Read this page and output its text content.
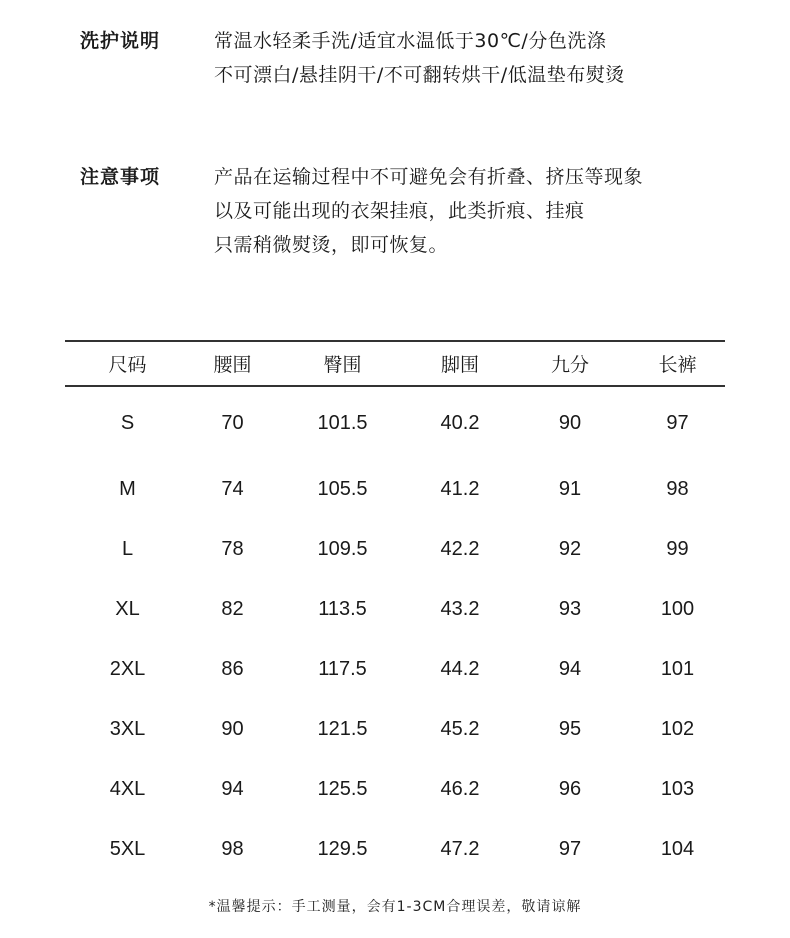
洗护说明	常温水轻柔手洗/适宜水温低于30℃/分色洗涤
不可漂白/悬挂阴干/不可翻转烘干/低温垫布熨烫
注意事项	产品在运输过程中不可避免会有折叠、挤压等现象
以及可能出现的衣架挂痕，此类折痕、挂痕
只需稍微熨烫，即可恢复。
尺码	腰围	臀围	脚围	九分	长裤
S	70	101.5	40.2	90	97
M	74	105.5	41.2	91	98
L	78	109.5	42.2	92	99
XL	82	113.5	43.2	93	100
2XL	86	117.5	44.2	94	101
3XL	90	121.5	45.2	95	102
4XL	94	125.5	46.2	96	103
5XL	98	129.5	47.2	97	104
*温馨提示：手工测量，会有1-3CM合理误差，敬请谅解
